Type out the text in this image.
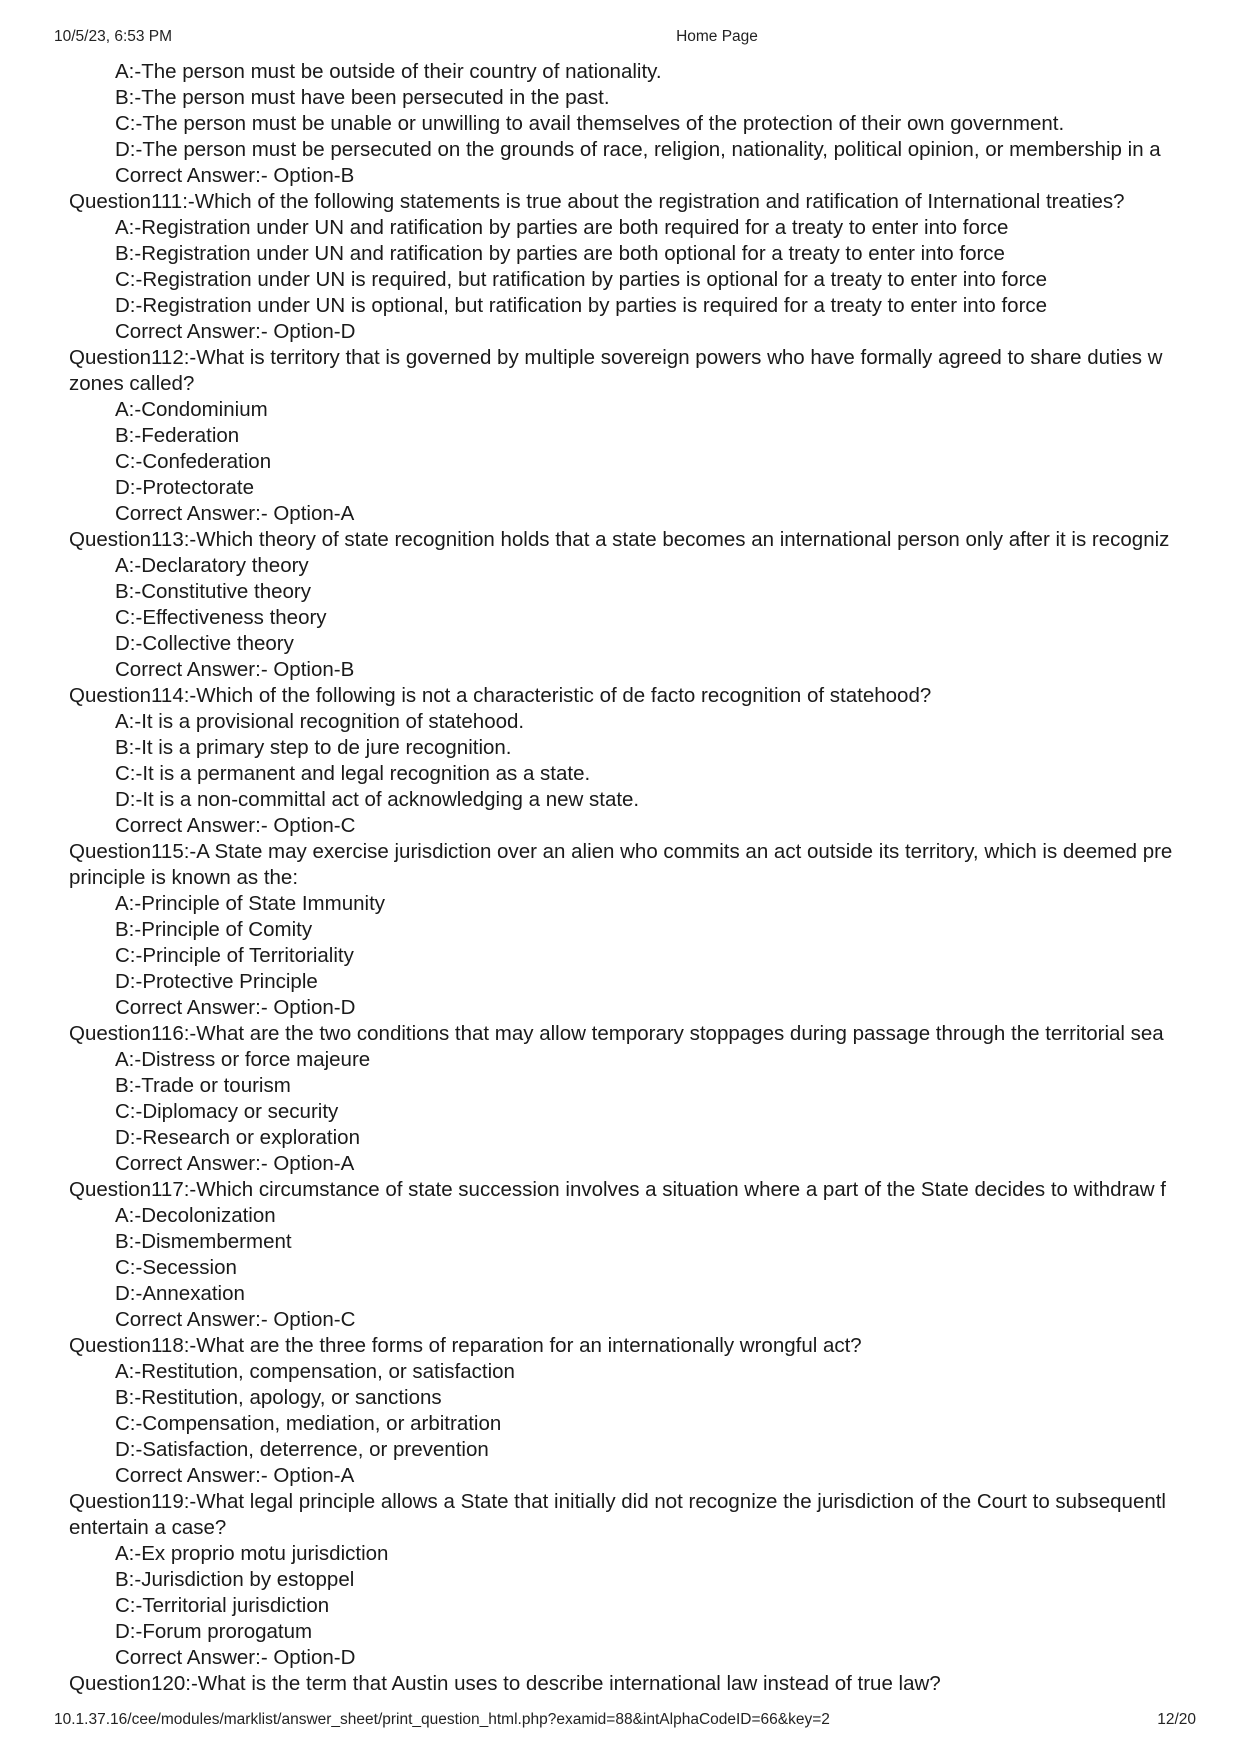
10/5/23, 6:53 PM	Home Page
A:-The person must be outside of their country of nationality.
B:-The person must have been persecuted in the past.
C:-The person must be unable or unwilling to avail themselves of the protection of their own government.
D:-The person must be persecuted on the grounds of race, religion, nationality, political opinion, or membership in a
Correct Answer:- Option-B
Question111:-Which of the following statements is true about the registration and ratification of International treaties?
A:-Registration under UN and ratification by parties are both required for a treaty to enter into force
B:-Registration under UN and ratification by parties are both optional for a treaty to enter into force
C:-Registration under UN is required, but ratification by parties is optional for a treaty to enter into force
D:-Registration under UN is optional, but ratification by parties is required for a treaty to enter into force
Correct Answer:- Option-D
Question112:-What is territory that is governed by multiple sovereign powers who have formally agreed to share duties w
zones called?
A:-Condominium
B:-Federation
C:-Confederation
D:-Protectorate
Correct Answer:- Option-A
Question113:-Which theory of state recognition holds that a state becomes an international person only after it is recogniz
A:-Declaratory theory
B:-Constitutive theory
C:-Effectiveness theory
D:-Collective theory
Correct Answer:- Option-B
Question114:-Which of the following is not a characteristic of de facto recognition of statehood?
A:-It is a provisional recognition of statehood.
B:-It is a primary step to de jure recognition.
C:-It is a permanent and legal recognition as a state.
D:-It is a non-committal act of acknowledging a new state.
Correct Answer:- Option-C
Question115:-A State may exercise jurisdiction over an alien who commits an act outside its territory, which is deemed pre
principle is known as the:
A:-Principle of State Immunity
B:-Principle of Comity
C:-Principle of Territoriality
D:-Protective Principle
Correct Answer:- Option-D
Question116:-What are the two conditions that may allow temporary stoppages during passage through the territorial sea
A:-Distress or force majeure
B:-Trade or tourism
C:-Diplomacy or security
D:-Research or exploration
Correct Answer:- Option-A
Question117:-Which circumstance of state succession involves a situation where a part of the State decides to withdraw f
A:-Decolonization
B:-Dismemberment
C:-Secession
D:-Annexation
Correct Answer:- Option-C
Question118:-What are the three forms of reparation for an internationally wrongful act?
A:-Restitution, compensation, or satisfaction
B:-Restitution, apology, or sanctions
C:-Compensation, mediation, or arbitration
D:-Satisfaction, deterrence, or prevention
Correct Answer:- Option-A
Question119:-What legal principle allows a State that initially did not recognize the jurisdiction of the Court to subsequentl
entertain a case?
A:-Ex proprio motu jurisdiction
B:-Jurisdiction by estoppel
C:-Territorial jurisdiction
D:-Forum prorogatum
Correct Answer:- Option-D
Question120:-What is the term that Austin uses to describe international law instead of true law?
10.1.37.16/cee/modules/marklist/answer_sheet/print_question_html.php?examid=88&intAlphaCodeID=66&key=2	12/20
